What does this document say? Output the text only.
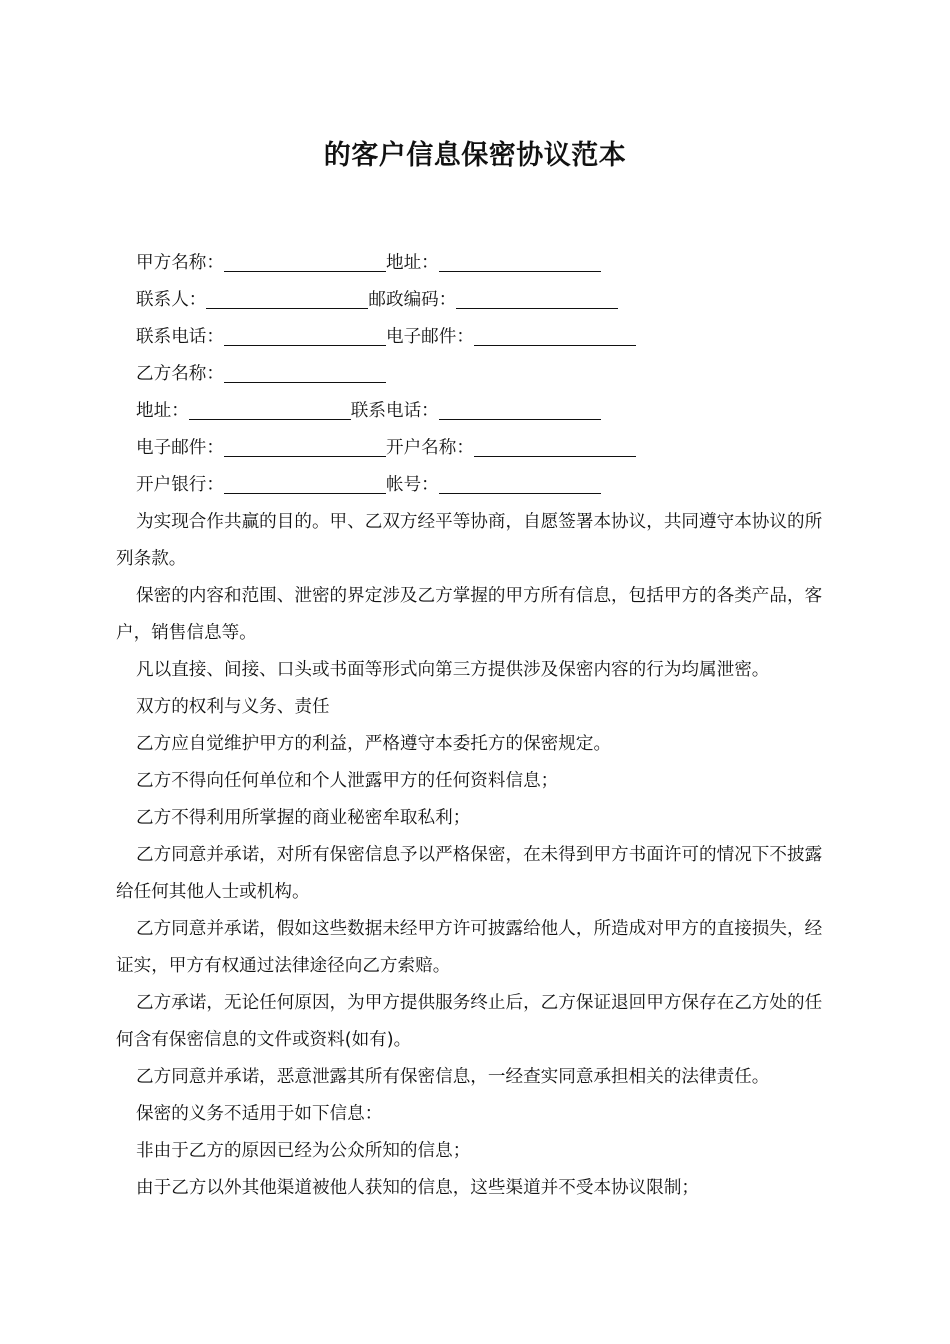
的客户信息保密协议范本
甲方名称：	地址：
联系人：	邮政编码：
联系电话：	电子邮件：
乙方名称：
地址：	联系电话：
电子邮件：	开户名称：
开户银行：	帐号：
为实现合作共赢的目的。甲、乙双方经平等协商，自愿签署本协议，共同遵守本协议的所列条款。
保密的内容和范围、泄密的界定涉及乙方掌握的甲方所有信息，包括甲方的各类产品，客户，销售信息等。
凡以直接、间接、口头或书面等形式向第三方提供涉及保密内容的行为均属泄密。
双方的权利与义务、责任
乙方应自觉维护甲方的利益，严格遵守本委托方的保密规定。
乙方不得向任何单位和个人泄露甲方的任何资料信息；
乙方不得利用所掌握的商业秘密牟取私利；
乙方同意并承诺，对所有保密信息予以严格保密，在未得到甲方书面许可的情况下不披露给任何其他人士或机构。
乙方同意并承诺，假如这些数据未经甲方许可披露给他人，所造成对甲方的直接损失，经证实，甲方有权通过法律途径向乙方索赔。
乙方承诺，无论任何原因，为甲方提供服务终止后，乙方保证退回甲方保存在乙方处的任何含有保密信息的文件或资料(如有)。
乙方同意并承诺，恶意泄露其所有保密信息，一经查实同意承担相关的法律责任。
保密的义务不适用于如下信息：
非由于乙方的原因已经为公众所知的信息；
由于乙方以外其他渠道被他人获知的信息，这些渠道并不受本协议限制；
